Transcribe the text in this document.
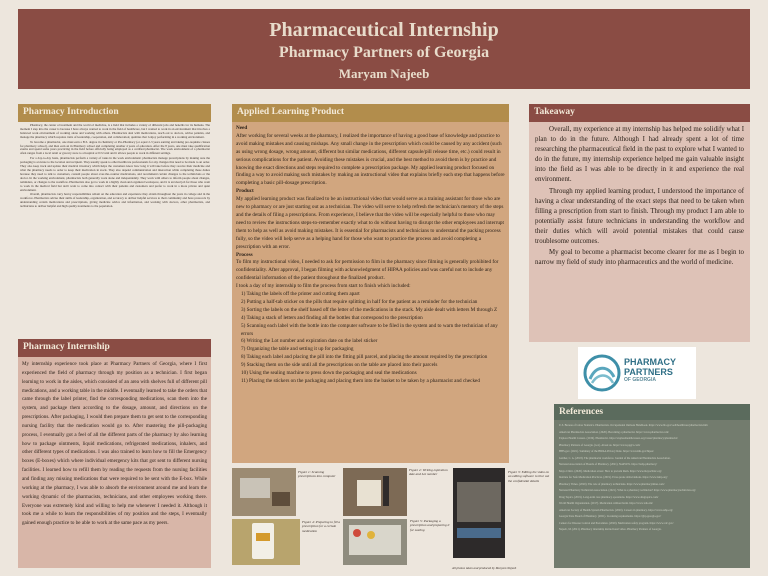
Pharmaceutical Internship
Pharmacy Partners of Georgia
Maryam Najeeb
Pharmacy Introduction

Pharmacy, the center of treatment and the world of medicine, is a field that includes a variety of different jobs and benefits for its humans. The moment I step into the career is because I have always wanted to work in the field of healthcare, but I wanted to work in an environment that involves a balanced work environment of working alone and working with others. Pharmacists deal with medications, reach out to doctors, advise patients, and manage the pharmacy which requires traits of leadership, cooperation, and collaboration; qualities that I enjoy performing in a working environment.

To become a pharmacist, one must earn a B.S. degree in chemistry or Pre-Pharmacy (or equal 2-3 years earning and taking pre-requisite classes for pharmacy school), and then earn an in Pharmacy school and completing another 4 years of education. After the 8 years, one must take qualification exams and spend some years practicing in the field before officially being employed as a certified pharmacist. The work environment of a pharmacist often ranges from a local retail or grocery store to a hospital or ICU unit and it allows people to work in different settings.

For a day-to-day basis, pharmacists perform a variety of tasks in the work environment: pharmacists manage prescriptions by making sure the packaging is accurate to the location and recipient. They usually speak to other healthcare professionals for any changes that need to be made to an order. They also keep track and update their medical inventory which helps the customers know how long it will take before they receive their medicine and what the pharmacy needs to order to keep their medication in stock. They also depend communication and interaction while completing these duties because they need to talk to customers, consult people about over-the-counter medications, and recommend certain changes to the technicians or the doctor. In the working environment, pharmacists both generally work alone and independently. They work with others to inform people about changes, reminders, or changes to the workflow. Pharmacists also get to work in a highly clean and organized workspace, and it is an ideal job for those who want to work in the medical field but don't want to come into contact with their patients and customers and prefer to work in a more private and quiet environment.

Overall, pharmacists carry heavy responsibilities reliant on the education and experience they obtain throughout the years in college and in the workforce. Pharmacists advise their skills of leadership, organization, and accuracy to deliver helpful services to their community and have protocols by understanding certain medications and prescriptions, giving medicine advice and information, and working with doctors, other pharmacists, and technicians to deliver helpful and high quality treatments to the population.

Pharmacy Internship
My internship experience took place at Pharmacy Partners of Georgia, where I first experienced the field of pharmacy through my position as a technician. I first began learning to work in the aisles, which consisted of an area with shelves full of different pill medications, and a working table in the middle. I eventually learned to take the orders that came through the label printer, find the corresponding medications, scan them into the system, and package them according to the dosage, amount, and directions on the prescriptions. After packaging, I would then prepare them to get sent to the corresponding nursing facility that the medication would go to. After mastering the pill-packaging process, I eventually got a feel of all the different parts of the pharmacy by also learning how to package ointments, liquid medications, refrigerated medications, inhalers, and other different types of medications. I was also trained to learn how to fill the Emergency boxes (E-boxes) which where individual emergency kits that got sent to different nursing facilities. I learned how to refill them by reading the requests from the nursing facilities and finding any missing medications that were required to be sent with the E-box. While working at the pharmacy, I was able to absorb the environment around me and learn the working dynamic of the pharmacists, technicians, and other employees working there. Everyone was extremely kind and willing to help me whenever I needed it. Although it took me a while to learn the responsibilities of my position and the steps, I eventually gained enough practice to be able to work at the same pace as my peers.
Applied Learning Product
Need
After working for several weeks at the pharmacy, I realized the importance of having a good base of knowledge and practice to avoid making mistakes and causing mishaps. Any small change in the prescription which could be caused by any accident (such as using wrong dosage, wrong amount, different but similar medications, different capsule/pill release time, etc.) could result in serious complications for the patient. Avoiding these mistakes is crucial, and the best method to avoid them is by practice and knowing the exact directions and steps required to complete a prescription package. My applied learning product focused on finding a way to avoid making such mistakes by making an instructional video that explains briefly each step that happens before completing a basic pill-dosage prescription.
Product
My applied learning product was finalized to be an instructional video that would serve as a training assistant for those who are new to pharmacy or are just starting out as a technician. The video will serve to help refresh the technician's memory of the steps and the details of filing a prescriptions. From experience, I believe that the video will be especially helpful to those who may need to review the instructions steps-to-remember exactly what to do without having to disrupt the other employees and interrupt them to help as well as avoid making mistakes. It is essential for pharmacists and technicians to understand the packing process fully, so the video will help serve as a helping hand for those who want to practice the process and avoid completing a prescription with an error.
Process
To film my instructional video, I needed to ask for permission to film in the pharmacy since filming is generally prohibited for confidentiality. After approval, I began filming with acknowledgment of HIPAA policies and was careful not to include any confidential information of the patient throughout the finalized product.
I took a day of my internship to film the process from start to finish which included:
1) Taking the labels off the printer and cutting them apart
2) Putting a half-tab sticker on the pills that require splitting in half for the patient as a reminder for the technician
3) Sorting the labels on the shelf based off the letter of the medications in the stack. My aisle dealt with letters M through Z
4) Taking a stack of letters and finding all the bottles that correspond to the prescription
5) Scanning each label with the bottle into the computer software to be filed in the system and to warn the technician of any errors
6) Writing the Lot number and expiration date on the label sticker
7) Organizing the table and setting it up for packaging
8) Taking each label and placing the pill into the fitting pill parcel, and placing the amount required by the prescription
9) Stacking them on the side until all the prescriptions on the table are placed into their parcels
10) Using the sealing machine to press down the packaging and seal the medications
11) Placing the stickers on the packaging and placing them into the basket to be taken by a pharmacist and checked
Figure 1: Scanning prescriptions into computer
Figure 2: Writing expiration date and Lot number
Figure 3: Editing the video on an editing software to blur out the confidential details
Figure 4: Preparing to fill a prescription for a certain medication
Figure 5: Packaging a prescription and preparing it for sealing
All photos taken and produced by Maryam Najeeb
Takeaway

Overall, my experience at my internship has helped me solidify what I plan to do in the future. Although I had already spent a lot of time researching the pharmaceutical field in the past to explore what I wanted to do in the future, my internship experience helped me gain valuable insight into the field as I was able to be directly in it and experience the real environment.

Through my applied learning product, I understood the importance of having a clear understanding of the exact steps that need to be taken when filling a prescription from start to finish. Through my product I am able to potentially assist future technicians in understanding the workflow and their duties which will avoid potential mistakes that could cause troublesome outcomes.

My goal to become a pharmacist become clearer for me as I begin to narrow my field of study into pharmaceutics and the world of medicine.

PHARMACY
PARTNERS
OF GEORGIA
References
U.S. Bureau of Labor Statistics. Pharmacists. Occupational Outlook Handbook. https://www.bls.gov/ooh/healthcare/pharmacists.htm
American Pharmacists Association. (2020). Becoming a pharmacist. https://www.pharmacist.com/
Explore Health Careers. (2019). Pharmacist. https://explorehealthcareers.org/career/pharmacy/pharmacist/
Pharmacy Partners of Georgia. (n.d.). About us. https://www.ppgrx.com/
HHS.gov. (2021). Summary of the HIPAA Privacy Rule. https://www.hhs.gov/hipaa/
Gaither, C. A. (2018). The pharmacist workforce. Journal of the American Pharmacists Association.
National Association of Boards of Pharmacy. (2021). NAPLEX. https://nabp.pharmacy/
Mayo Clinic. (2020). Medication errors: How to prevent them. https://www.mayoclinic.org/
Institute for Safe Medication Practices. (2019). Error-prone abbreviations. https://www.ismp.org/
Pharmacy Times. (2020). The role of pharmacy technicians. https://www.pharmacytimes.com/
National Pharmacy Technician Association. (2021). What is a pharmacy technician? https://www.pharmacytechnician.org/
Drug Topics. (2019). Long-term care pharmacy operations. https://www.drugtopics.com/
World Health Organization. (2017). Medication without harm. https://www.who.int/
American Society of Health-System Pharmacists. (2020). Careers in pharmacy. https://www.ashp.org/
Georgia State Board of Pharmacy. (2021). Licensing requirements. https://gbp.georgia.gov/
Centers for Disease Control and Prevention. (2020). Medication safety program. https://www.cdc.gov/
Najeeb, M. (2021). Pharmacy internship instructional video. Pharmacy Partners of Georgia.
